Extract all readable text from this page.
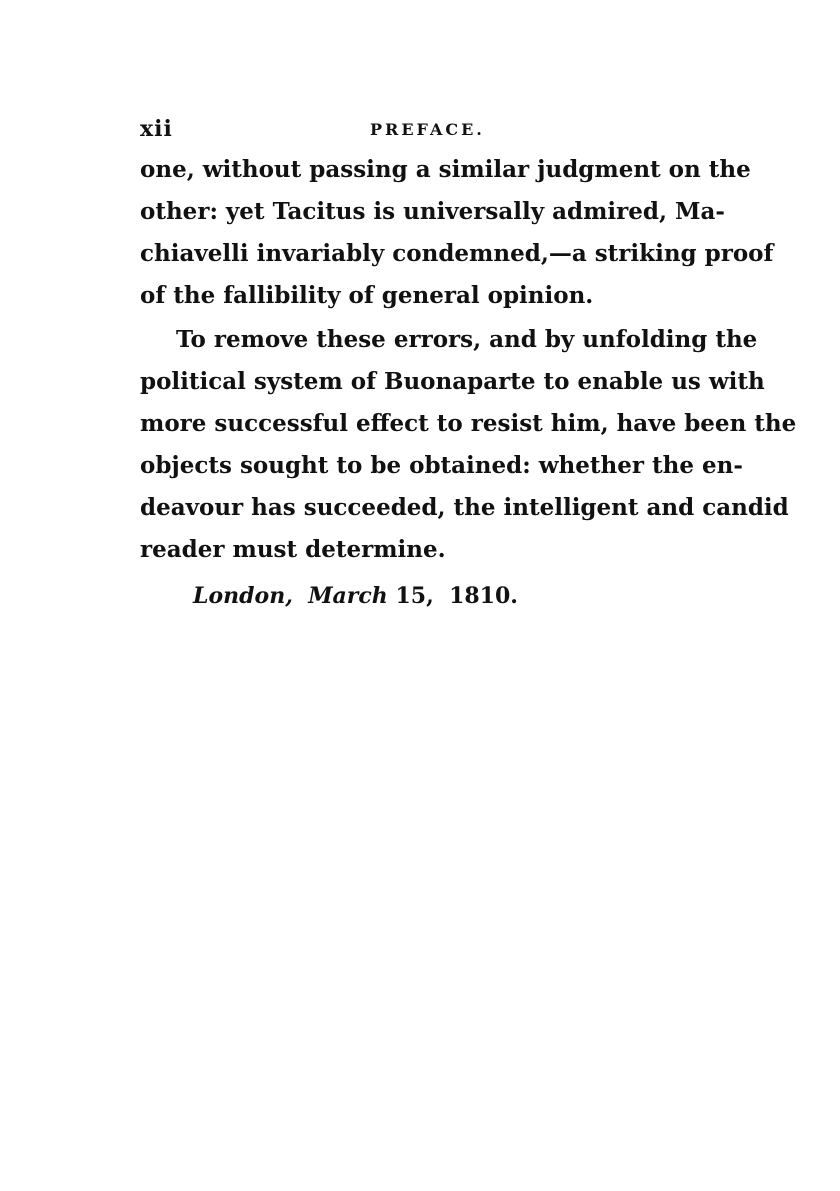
xii	PREFACE.

one, without passing a similar judgment on the
other: yet Tacitus is universally admired, Ma-
chiavelli invariably condemned,—a striking proof
of the fallibility of general opinion.

To remove these errors, and by unfolding the
political system of Buonaparte to enable us with
more successful effect to resist him, have been the
objects sought to be obtained: whether the en-
deavour has succeeded, the intelligent and candid
reader must determine.

London, March 15, 1810.
